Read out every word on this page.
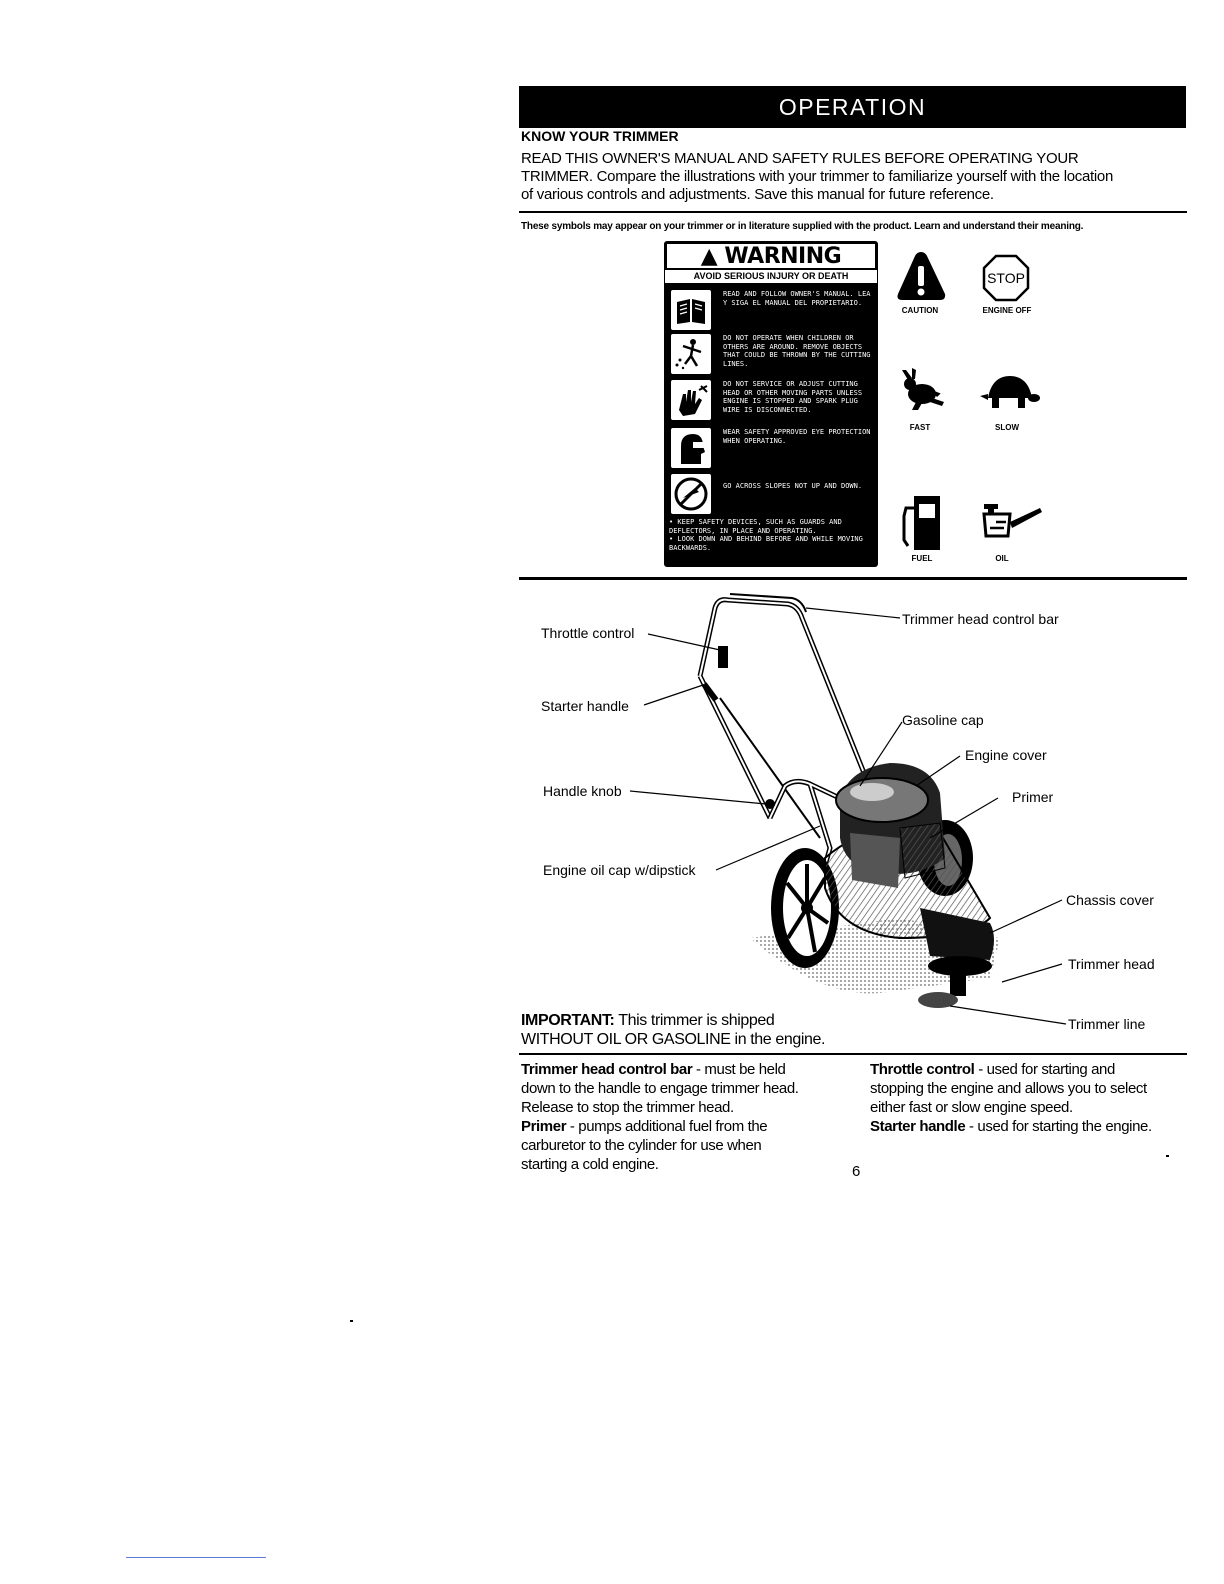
OPERATION
KNOW YOUR TRIMMER
READ THIS OWNER'S MANUAL AND SAFETY RULES BEFORE OPERATING YOUR
TRIMMER. Compare the illustrations with your trimmer to familiarize yourself with the location
of various controls and adjustments. Save this manual for future reference.
These symbols may appear on your trimmer or in literature supplied with the product. Learn and understand their meaning.
▲ WARNING
AVOID SERIOUS INJURY OR DEATH
READ AND FOLLOW OWNER'S MANUAL. LEA Y SIGA EL MANUAL DEL PROPIETARIO.
DO NOT OPERATE WHEN CHILDREN OR OTHERS ARE AROUND. REMOVE OBJECTS THAT COULD BE THROWN BY THE CUTTING LINES.
DO NOT SERVICE OR ADJUST CUTTING HEAD OR OTHER MOVING PARTS UNLESS ENGINE IS STOPPED AND SPARK PLUG WIRE IS DISCONNECTED.
WEAR SAFETY APPROVED EYE PROTECTION WHEN OPERATING.
GO ACROSS SLOPES NOT UP AND DOWN.
• KEEP SAFETY DEVICES, SUCH AS GUARDS AND DEFLECTORS, IN PLACE AND OPERATING.
• LOOK DOWN AND BEHIND BEFORE AND WHILE MOVING BACKWARDS.
CAUTION
STOP
ENGINE OFF
FAST	SLOW
FUEL	OIL
Throttle control
Trimmer head control bar
Starter handle
Gasoline cap
Engine cover
Handle knob	Primer
Engine oil cap w/dipstick
Chassis cover
Trimmer head
Trimmer line
IMPORTANT: This trimmer is shipped
WITHOUT OIL OR GASOLINE in the engine.
Trimmer head control bar - must be held
down to the handle to engage trimmer head.
Release to stop the trimmer head.
Primer - pumps additional fuel from the
carburetor to the cylinder for use when
starting a cold engine.
Throttle control - used for starting and
stopping the engine and allows you to select
either fast or slow engine speed.
Starter handle - used for starting the engine.
6
